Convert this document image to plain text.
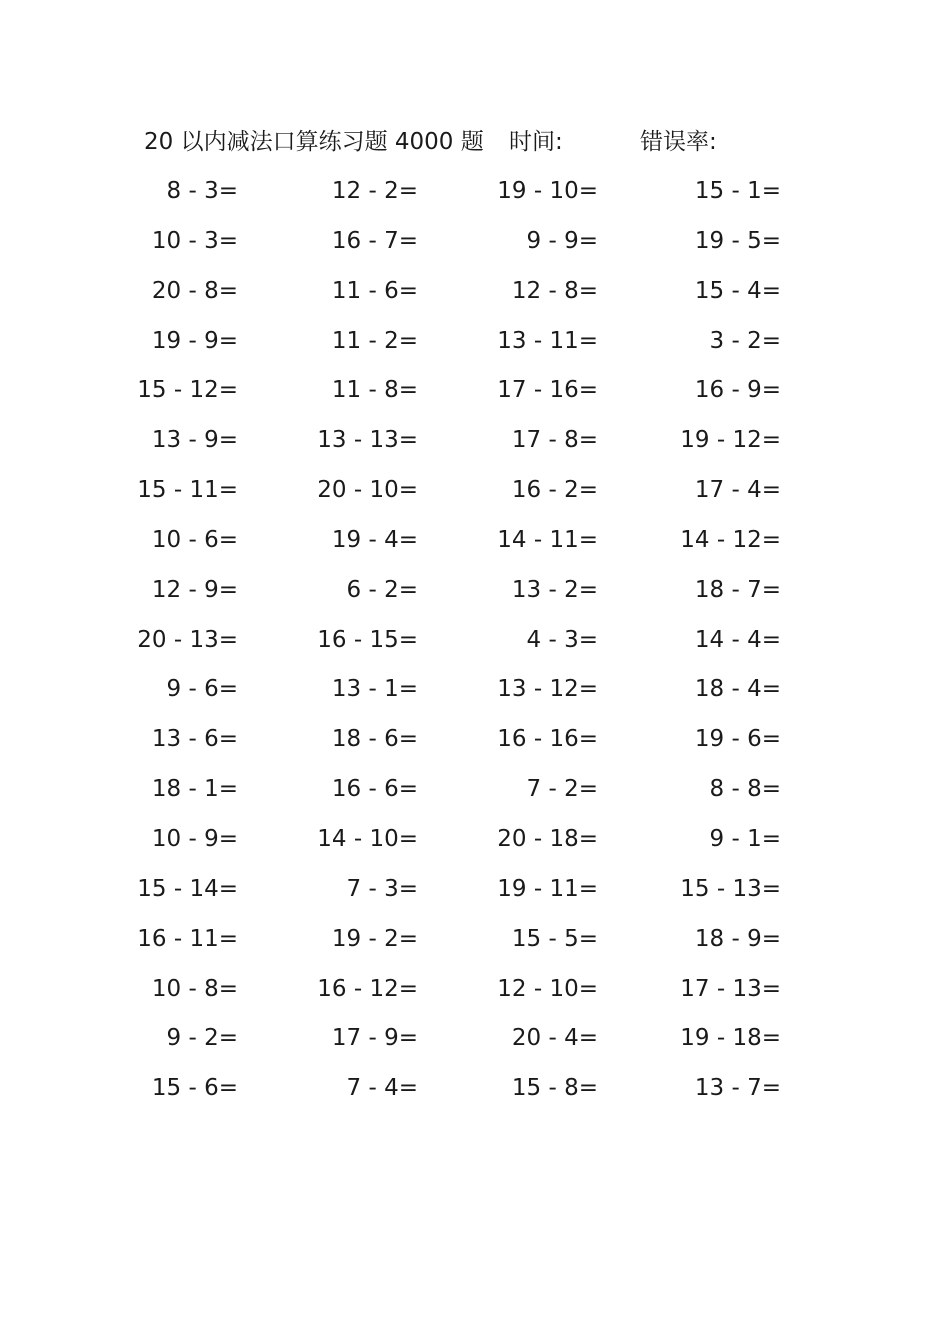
20 以内减法口算练习题 4000 题 时间:	错误率:
8 - 3=	12 - 2=	19 - 10=	15 - 1=
10 - 3=	16 - 7=	9 - 9=	19 - 5=
20 - 8=	11 - 6=	12 - 8=	15 - 4=
19 - 9=	11 - 2=	13 - 11=	3 - 2=
15 - 12=	11 - 8=	17 - 16=	16 - 9=
13 - 9=	13 - 13=	17 - 8=	19 - 12=
15 - 11=	20 - 10=	16 - 2=	17 - 4=
10 - 6=	19 - 4=	14 - 11=	14 - 12=
12 - 9=	6 - 2=	13 - 2=	18 - 7=
20 - 13=	16 - 15=	4 - 3=	14 - 4=
9 - 6=	13 - 1=	13 - 12=	18 - 4=
13 - 6=	18 - 6=	16 - 16=	19 - 6=
18 - 1=	16 - 6=	7 - 2=	8 - 8=
10 - 9=	14 - 10=	20 - 18=	9 - 1=
15 - 14=	7 - 3=	19 - 11=	15 - 13=
16 - 11=	19 - 2=	15 - 5=	18 - 9=
10 - 8=	16 - 12=	12 - 10=	17 - 13=
9 - 2=	17 - 9=	20 - 4=	19 - 18=
15 - 6=	7 - 4=	15 - 8=	13 - 7=
